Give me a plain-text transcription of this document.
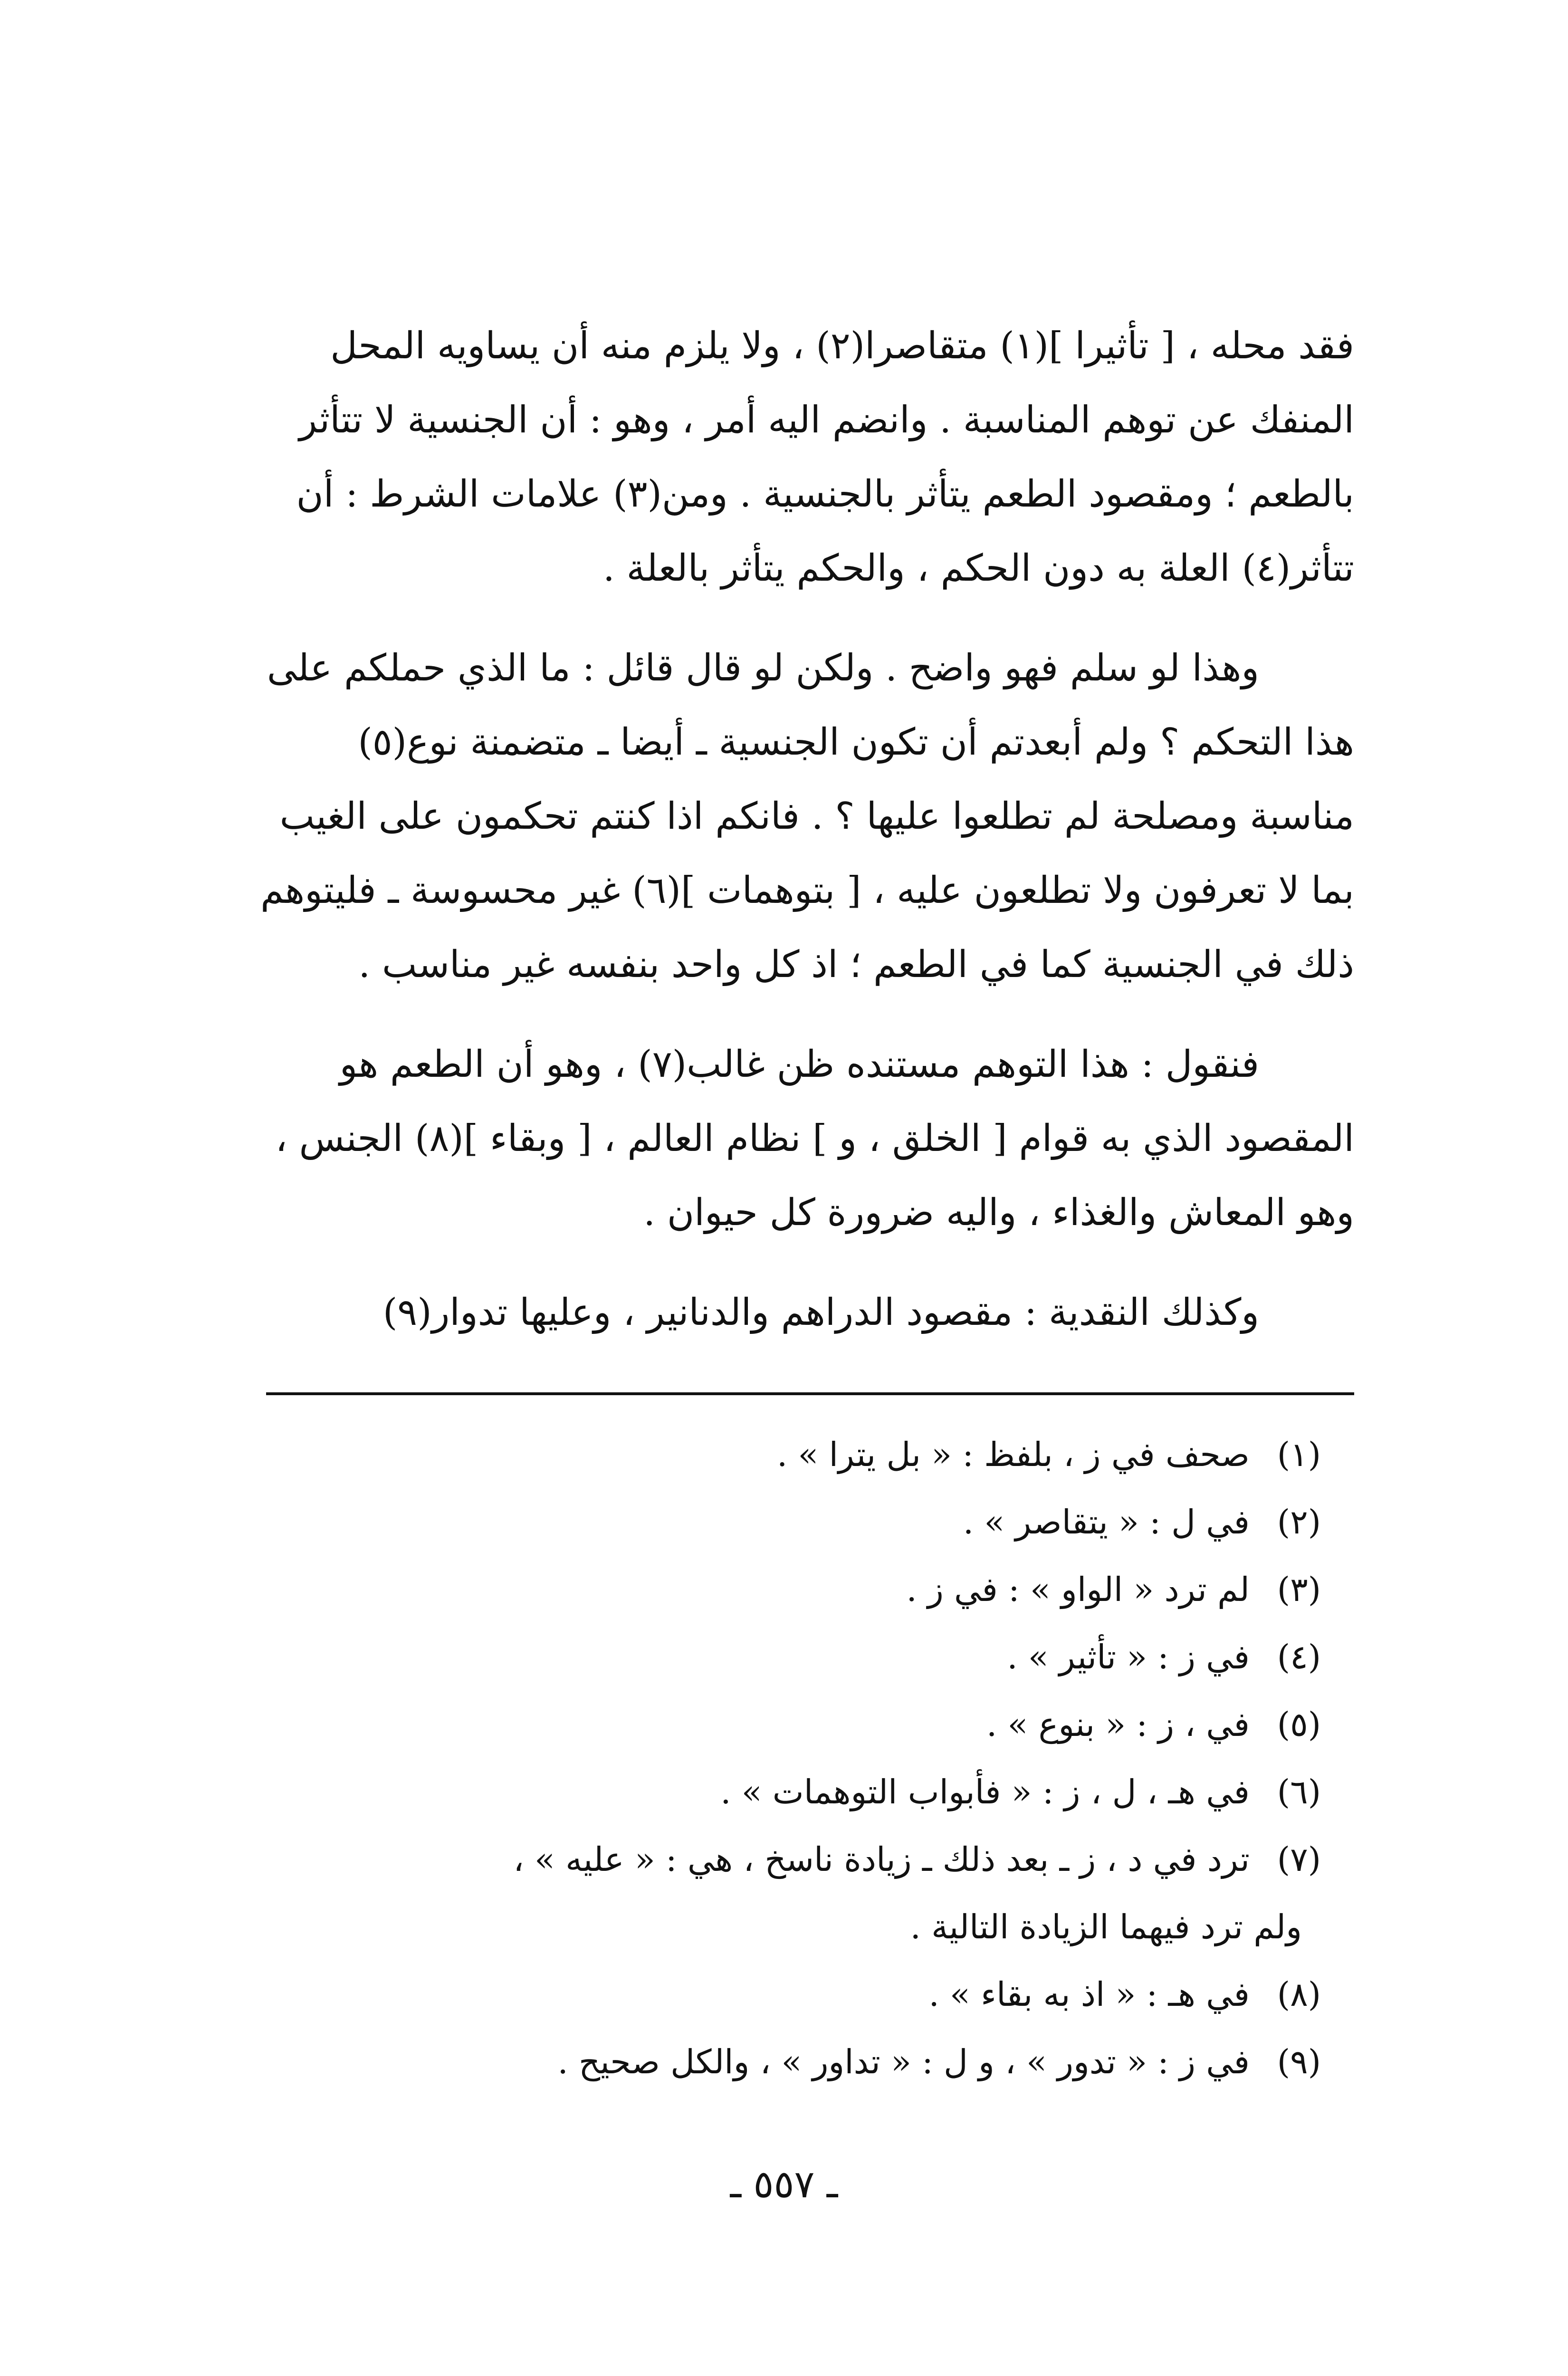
فقد محله ، [ تأثيرا ](١) متقاصرا(٢) ، ولا يلزم منه أن يساويه المحل

المنفك عن توهم المناسبة . وانضم اليه أمر ، وهو : أن الجنسية لا تتأثر

بالطعم ؛ ومقصود الطعم يتأثر بالجنسية . ومن(٣) علامات الشرط : أن

تتأثر(٤) العلة به دون الحكم ، والحكم يتأثر بالعلة .

وهذا لو سلم فهو واضح . ولكن لو قال قائل : ما الذي حملكم على

هذا التحكم ؟ ولم أبعدتم أن تكون الجنسية ـ أيضا ـ متضمنة نوع(٥)

مناسبة ومصلحة لم تطلعوا عليها ؟ . فانكم اذا كنتم تحكمون على الغيب

بما لا تعرفون ولا تطلعون عليه ، [ بتوهمات ](٦) غير محسوسة ـ فليتوهم

ذلك في الجنسية كما في الطعم ؛ اذ كل واحد بنفسه غير مناسب .

فنقول : هذا التوهم مستنده ظن غالب(٧) ، وهو أن الطعم هو

المقصود الذي به قوام [ الخلق ، و ] نظام العالم ، [ وبقاء ](٨) الجنس ،

وهو المعاش والغذاء ، واليه ضرورة كل حيوان .

وكذلك النقدية : مقصود الدراهم والدنانير ، وعليها تدوار(٩)

(١)صحف في ز ، بلفظ : « بل يترا » .

(٢)في ل : « يتقاصر » .

(٣)لم ترد « الواو » : في ز .

(٤)في ز : « تأثير » .

(٥)في ، ز : « بنوع » .

(٦)في هـ ، ل ، ز : « فأبواب التوهمات » .

(٧)ترد في د ، ز ـ بعد ذلك ـ زيادة ناسخ ، هي : « عليه » ،

ولم ترد فيهما الزيادة التالية .

(٨)في هـ : « اذ به بقاء » .

(٩)في ز : « تدور » ، و ل : « تداور » ، والكل صحيح .

ـ ٥٥٧ ـ
